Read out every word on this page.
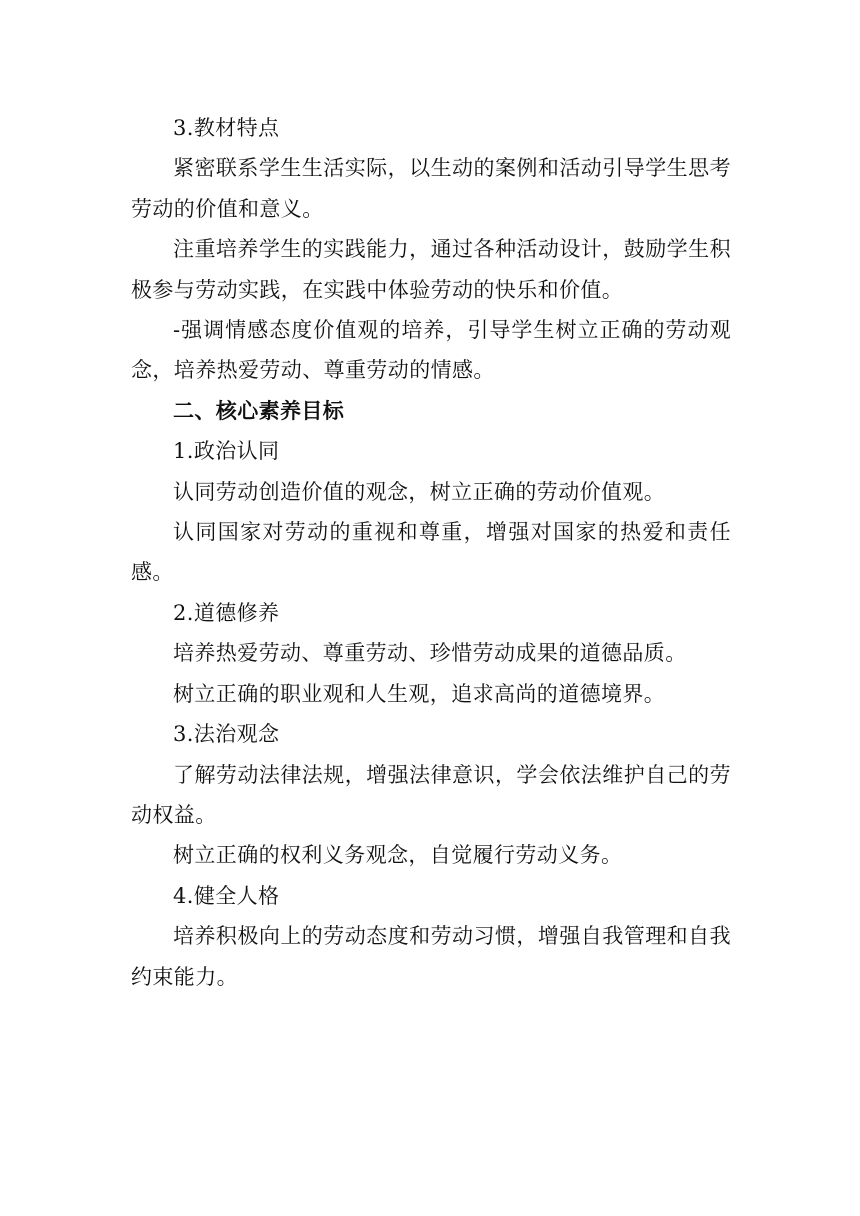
3.教材特点

紧密联系学生生活实际，以生动的案例和活动引导学生思考劳动的价值和意义。

注重培养学生的实践能力，通过各种活动设计，鼓励学生积极参与劳动实践，在实践中体验劳动的快乐和价值。

-强调情感态度价值观的培养，引导学生树立正确的劳动观念，培养热爱劳动、尊重劳动的情感。

二、核心素养目标

1.政治认同

认同劳动创造价值的观念，树立正确的劳动价值观。

认同国家对劳动的重视和尊重，增强对国家的热爱和责任感。

2.道德修养

培养热爱劳动、尊重劳动、珍惜劳动成果的道德品质。

树立正确的职业观和人生观，追求高尚的道德境界。

3.法治观念

了解劳动法律法规，增强法律意识，学会依法维护自己的劳动权益。

树立正确的权利义务观念，自觉履行劳动义务。

4.健全人格

培养积极向上的劳动态度和劳动习惯，增强自我管理和自我约束能力。
